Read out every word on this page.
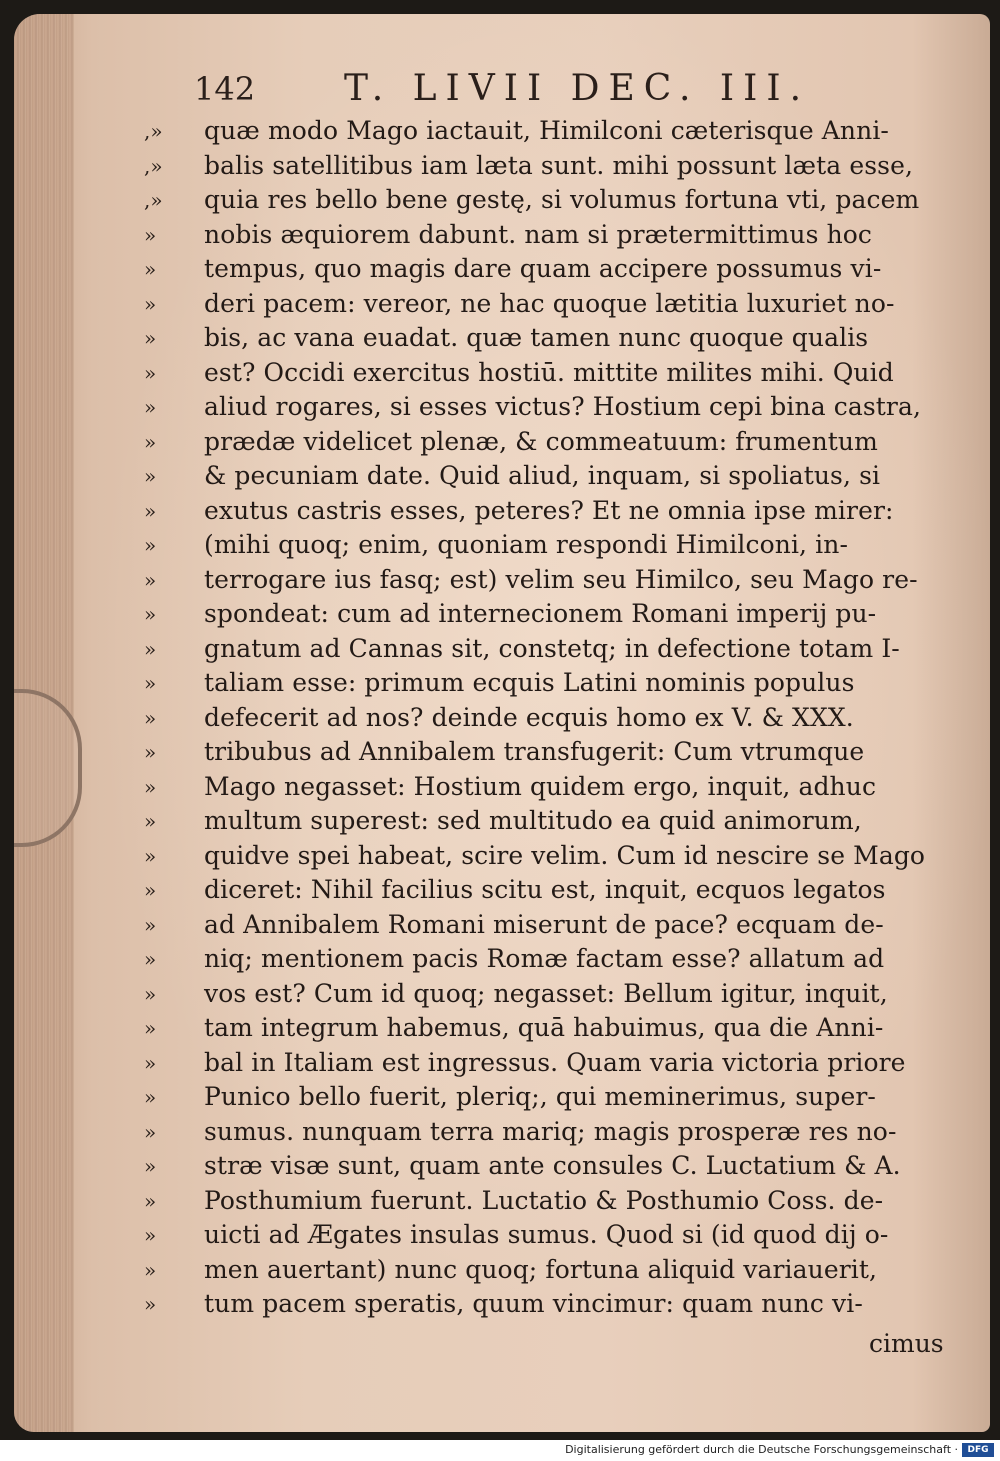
142 T. LIVII DEC. III.
,»	quæ modo Mago iactauit, Himilconi cæterisque Anni-
,»	balis satellitibus iam læta sunt. mihi possunt læta esse,
,»	quia res bello bene gestę, si volumus fortuna vti, pacem
»	nobis æquiorem dabunt. nam si prætermittimus hoc
»	tempus, quo magis dare quam accipere possumus vi-
»	deri pacem: vereor, ne hac quoque lætitia luxuriet no-
»	bis, ac vana euadat. quæ tamen nunc quoque qualis
»	est? Occidi exercitus hostiū. mittite milites mihi. Quid
»	aliud rogares, si esses victus? Hostium cepi bina castra,
»	prædæ videlicet plenæ, & commeatuum: frumentum
»	& pecuniam date. Quid aliud, inquam, si spoliatus, si
»	exutus castris esses, peteres? Et ne omnia ipse mirer:
»	(mihi quoq; enim, quoniam respondi Himilconi, in-
»	terrogare ius fasq; est) velim seu Himilco, seu Mago re-
»	spondeat: cum ad internecionem Romani imperij pu-
»	gnatum ad Cannas sit, constetq; in defectione totam I-
»	taliam esse: primum ecquis Latini nominis populus
»	defecerit ad nos? deinde ecquis homo ex V. & XXX.
»	tribubus ad Annibalem transfugerit: Cum vtrumque
»	Mago negasset: Hostium quidem ergo, inquit, adhuc
»	multum superest: sed multitudo ea quid animorum,
»	quidve spei habeat, scire velim. Cum id nescire se Mago
»	diceret: Nihil facilius scitu est, inquit, ecquos legatos
»	ad Annibalem Romani miserunt de pace? ecquam de-
»	niq; mentionem pacis Romæ factam esse? allatum ad
»	vos est? Cum id quoq; negasset: Bellum igitur, inquit,
»	tam integrum habemus, quā habuimus, qua die Anni-
»	bal in Italiam est ingressus. Quam varia victoria priore
»	Punico bello fuerit, pleriq;, qui meminerimus, super-
»	sumus. nunquam terra mariq; magis prosperæ res no-
»	stræ visæ sunt, quam ante consules C. Luctatium & A.
»	Posthumium fuerunt. Luctatio & Posthumio Coss. de-
»	uicti ad Ægates insulas sumus. Quod si (id quod dij o-
»	men auertant) nunc quoq; fortuna aliquid variauerit,
»	tum pacem speratis, quum vincimur: quam nunc vi-
cimus
Digitalisierung gefördert durch die Deutsche Forschungsgemeinschaft ·	DFG
